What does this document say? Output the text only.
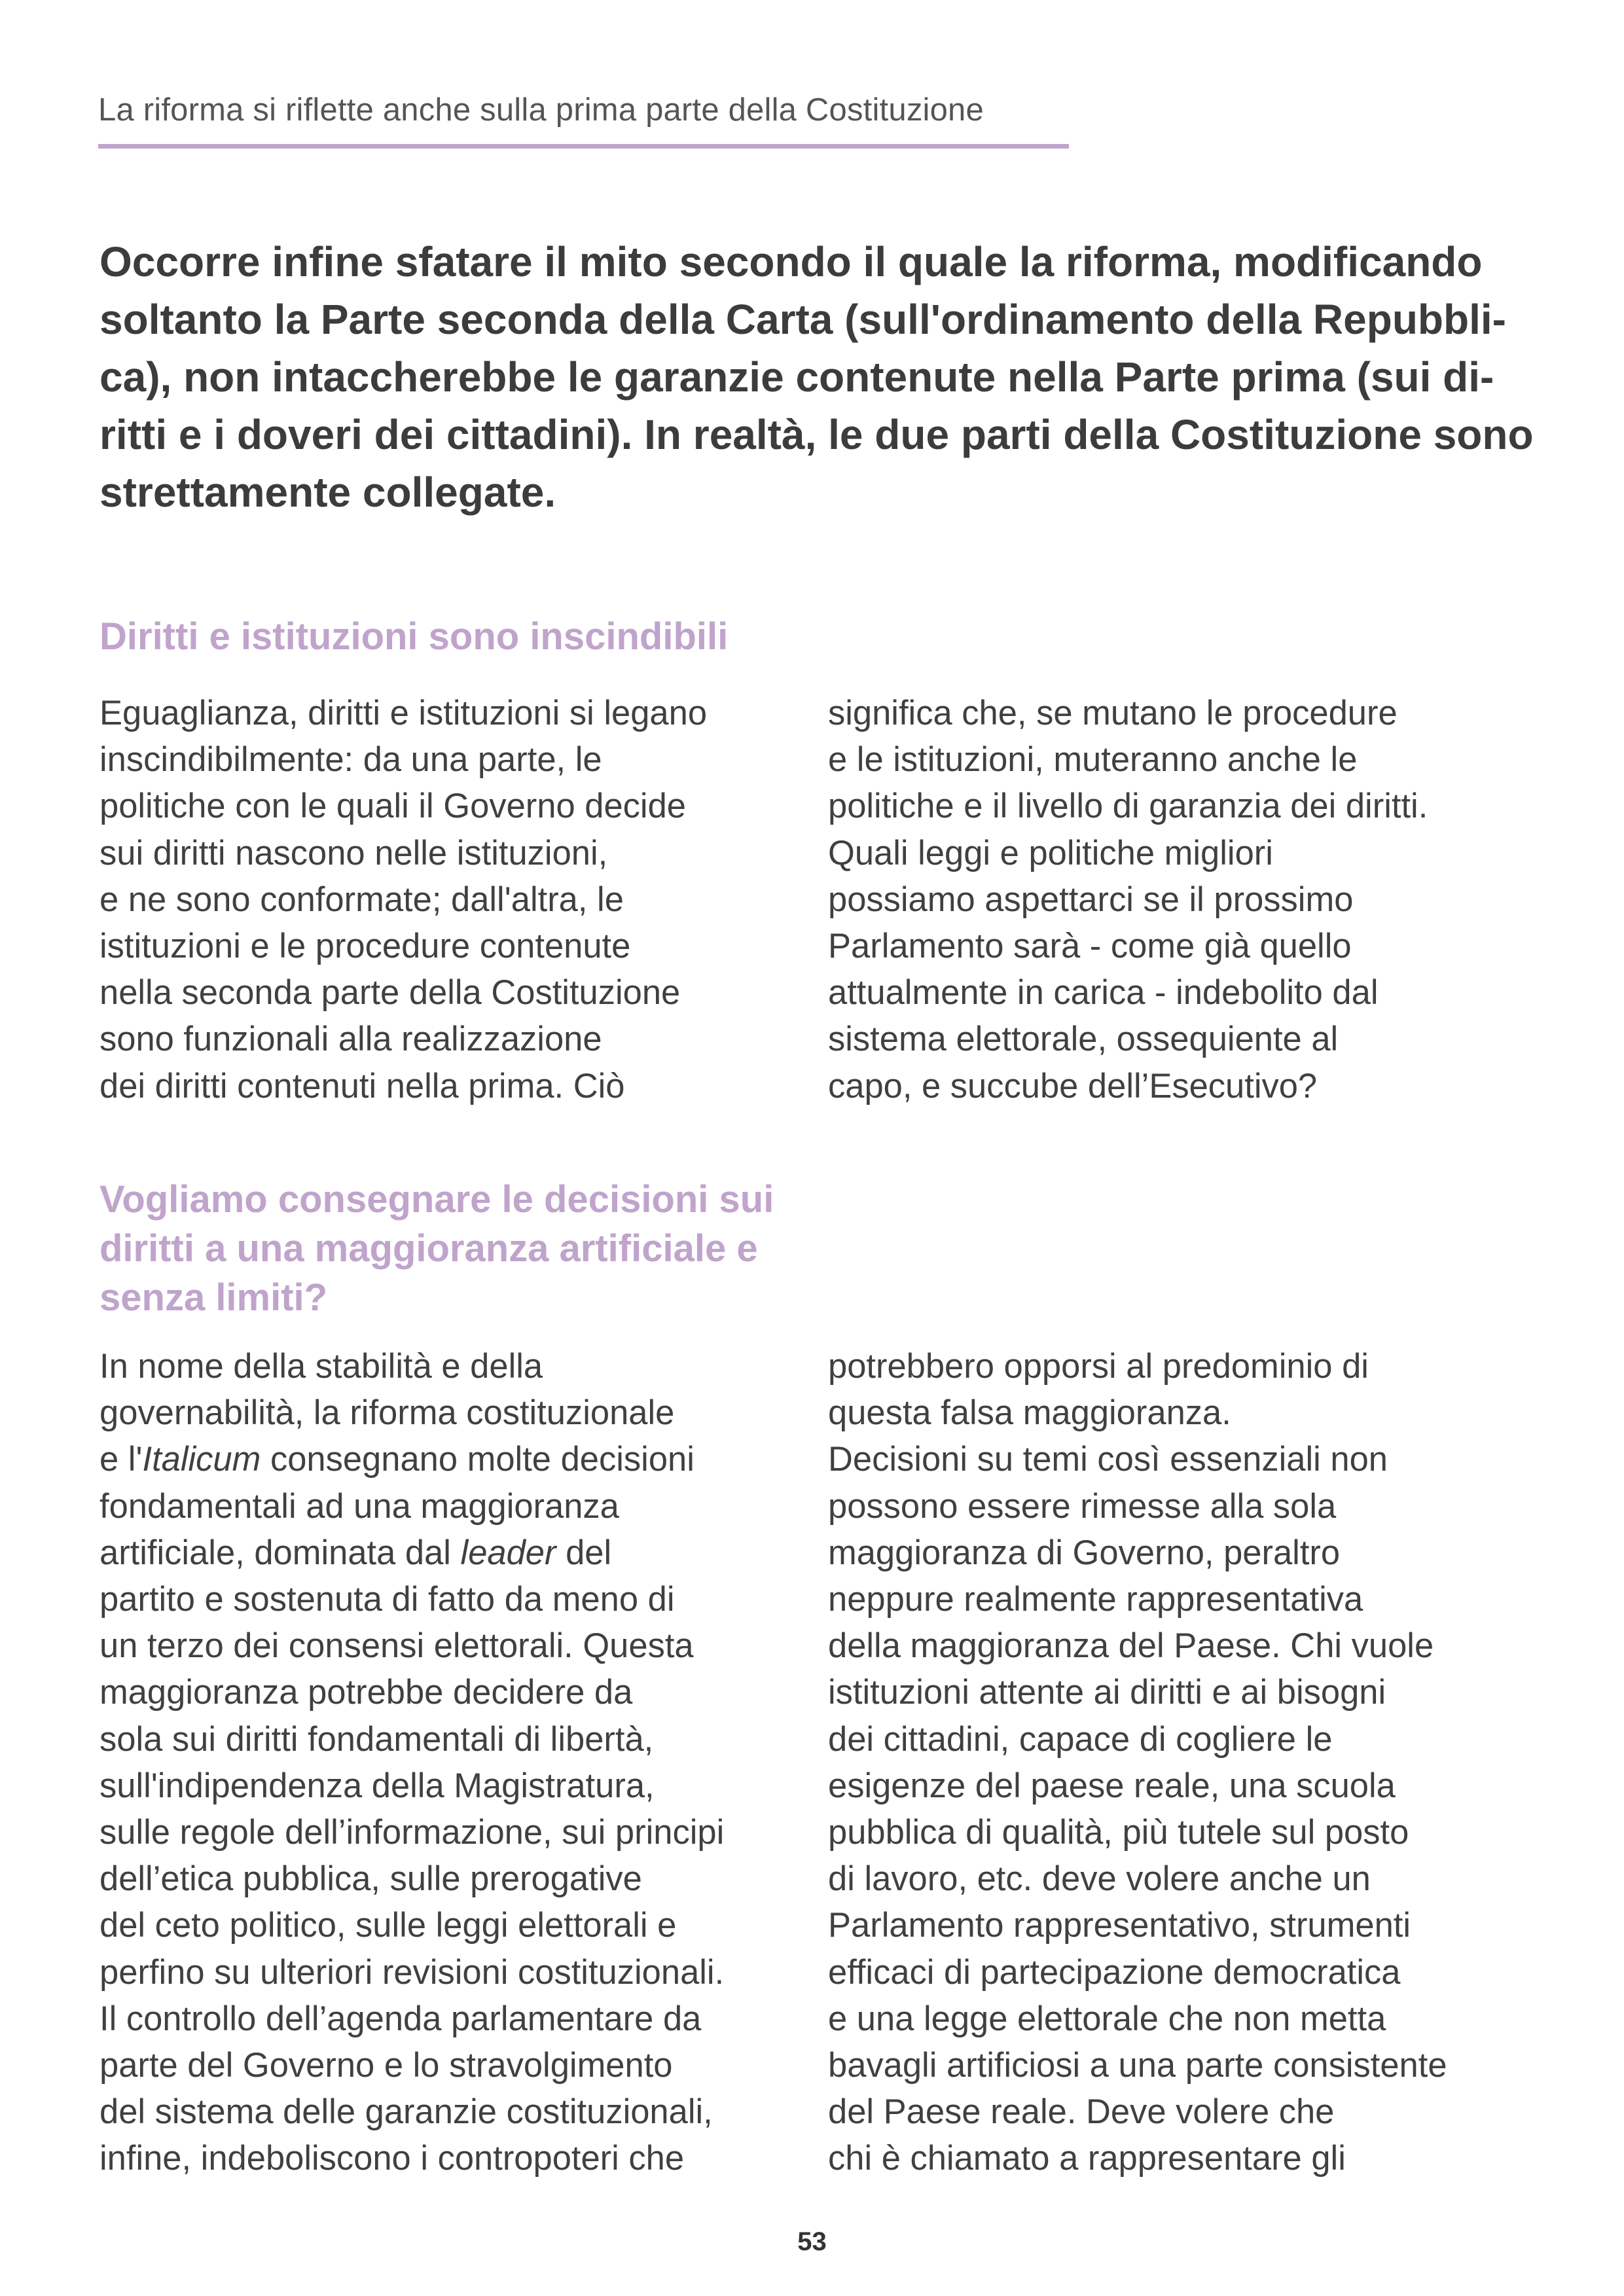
La riforma si riflette anche sulla prima parte della Costituzione
Occorre infine sfatare il mito secondo il quale la riforma, modificando
soltanto la Parte seconda della Carta (sull'ordinamento della Repubbli-
ca), non intaccherebbe le garanzie contenute nella Parte prima (sui di-
ritti e i doveri dei cittadini). In realtà, le due parti della Costituzione sono
strettamente collegate.
Diritti e istituzioni sono inscindibili
Eguaglianza, diritti e istituzioni si legano
inscindibilmente: da una parte, le
politiche con le quali il Governo decide
sui diritti nascono nelle istituzioni,
e ne sono conformate; dall'altra, le
istituzioni e le procedure contenute
nella seconda parte della Costituzione
sono funzionali alla realizzazione
dei diritti contenuti nella prima. Ciò
significa che, se mutano le procedure
e le istituzioni, muteranno anche le
politiche e il livello di garanzia dei diritti.
Quali leggi e politiche migliori
possiamo aspettarci se il prossimo
Parlamento sarà - come già quello
attualmente in carica - indebolito dal
sistema elettorale, ossequiente al
capo, e succube dell’Esecutivo?
Vogliamo consegnare le decisioni sui
diritti a una maggioranza artificiale e
senza limiti?
In nome della stabilità e della
governabilità, la riforma costituzionale
e l'Italicum consegnano molte decisioni
fondamentali ad una maggioranza
artificiale, dominata dal leader del
partito e sostenuta di fatto da meno di
un terzo dei consensi elettorali. Questa
maggioranza potrebbe decidere da
sola sui diritti fondamentali di libertà,
sull'indipendenza della Magistratura,
sulle regole dell’informazione, sui principi
dell’etica pubblica, sulle prerogative
del ceto politico, sulle leggi elettorali e
perfino su ulteriori revisioni costituzionali.
Il controllo dell’agenda parlamentare da
parte del Governo e lo stravolgimento
del sistema delle garanzie costituzionali,
infine, indeboliscono i contropoteri che
potrebbero opporsi al predominio di
questa falsa maggioranza.
Decisioni su temi così essenziali non
possono essere rimesse alla sola
maggioranza di Governo, peraltro
neppure realmente rappresentativa
della maggioranza del Paese. Chi vuole
istituzioni attente ai diritti e ai bisogni
dei cittadini, capace di cogliere le
esigenze del paese reale, una scuola
pubblica di qualità, più tutele sul posto
di lavoro, etc. deve volere anche un
Parlamento rappresentativo, strumenti
efficaci di partecipazione democratica
e una legge elettorale che non metta
bavagli artificiosi a una parte consistente
del Paese reale. Deve volere che
chi è chiamato a rappresentare gli
53
